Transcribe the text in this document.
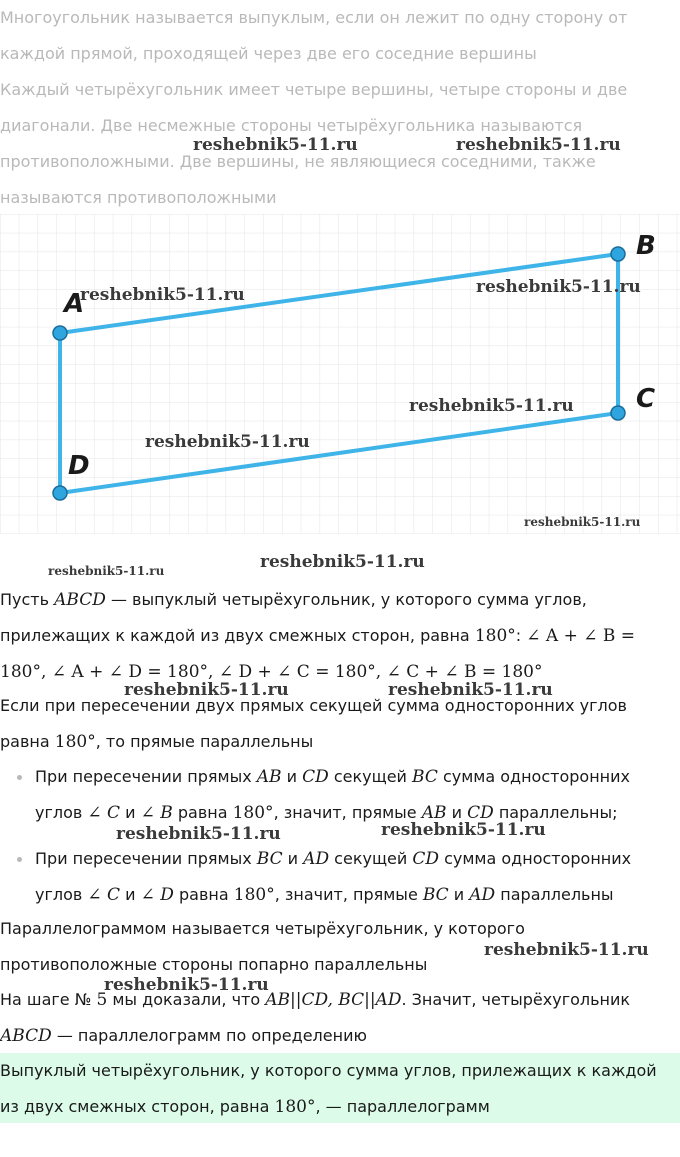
Многоугольник называется выпуклым, если он лежит по одну сторону от каждой прямой, проходящей через две его соседние вершины

Каждый четырёхугольник имеет четыре вершины, четыре стороны и две диагонали. Две несмежные стороны четырёхугольника называются противоположными. Две вершины, не являющиеся соседними, также называются противоположными

A
B
C
D

Пусть ABCD — выпуклый четырёхугольник, у которого сумма углов, прилежащих к каждой из двух смежных сторон, равна 180°: ∠ A + ∠ B = 180°, ∠ A + ∠ D = 180°, ∠ D + ∠ C = 180°, ∠ C + ∠ B = 180°

Если при пересечении двух прямых секущей сумма односторонних углов равна 180°, то прямые параллельны

При пересечении прямых AB и CD секущей BC сумма односторонних углов ∠ C и ∠ B равна 180°, значит, прямые AB и CD параллельны;
При пересечении прямых BC и AD секущей CD сумма односторонних углов ∠ C и ∠ D равна 180°, значит, прямые BC и AD параллельны

Параллелограммом называется четырёхугольник, у которого противоположные стороны попарно параллельны

На шаге № 5 мы доказали, что AB||CD, BC||AD. Значит, четырёхугольник ABCD — параллелограмм по определению

Выпуклый четырёхугольник, у которого сумма углов, прилежащих к каждой из двух смежных сторон, равна 180°, — параллелограмм
reshebnik5-11.ru	reshebnik5-11.ru
reshebnik5-11.ru	reshebnik5-11.ru
reshebnik5-11.ru
reshebnik5-11.ru
reshebnik5-11.ru
reshebnik5-11.ru	reshebnik5-11.ru
reshebnik5-11.ru	reshebnik5-11.ru
reshebnik5-11.ru	reshebnik5-11.ru
reshebnik5-11.ru
reshebnik5-11.ru
